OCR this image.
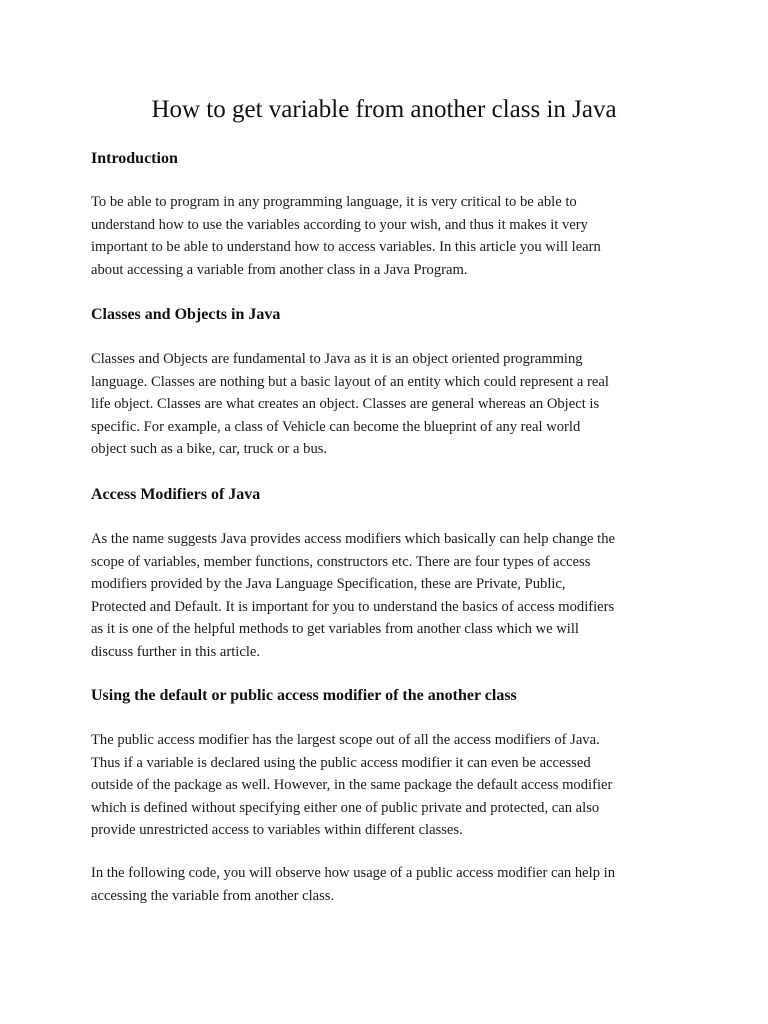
How to get variable from another class in Java
Introduction

To be able to program in any programming language, it is very critical to be able to
understand how to use the variables according to your wish, and thus it makes it very
important to be able to understand how to access variables. In this article you will learn
about accessing a variable from another class in a Java Program.

Classes and Objects in Java

Classes and Objects are fundamental to Java as it is an object oriented programming
language. Classes are nothing but a basic layout of an entity which could represent a real
life object. Classes are what creates an object. Classes are general whereas an Object is
specific. For example, a class of Vehicle can become the blueprint of any real world
object such as a bike, car, truck or a bus.

Access Modifiers of Java

As the name suggests Java provides access modifiers which basically can help change the
scope of variables, member functions, constructors etc. There are four types of access
modifiers provided by the Java Language Specification, these are Private, Public,
Protected and Default. It is important for you to understand the basics of access modifiers
as it is one of the helpful methods to get variables from another class which we will
discuss further in this article.

Using the default or public access modifier of the another class

The public access modifier has the largest scope out of all the access modifiers of Java.
Thus if a variable is declared using the public access modifier it can even be accessed
outside of the package as well. However, in the same package the default access modifier
which is defined without specifying either one of public private and protected, can also
provide unrestricted access to variables within different classes.

In the following code, you will observe how usage of a public access modifier can help in
accessing the variable from another class.
